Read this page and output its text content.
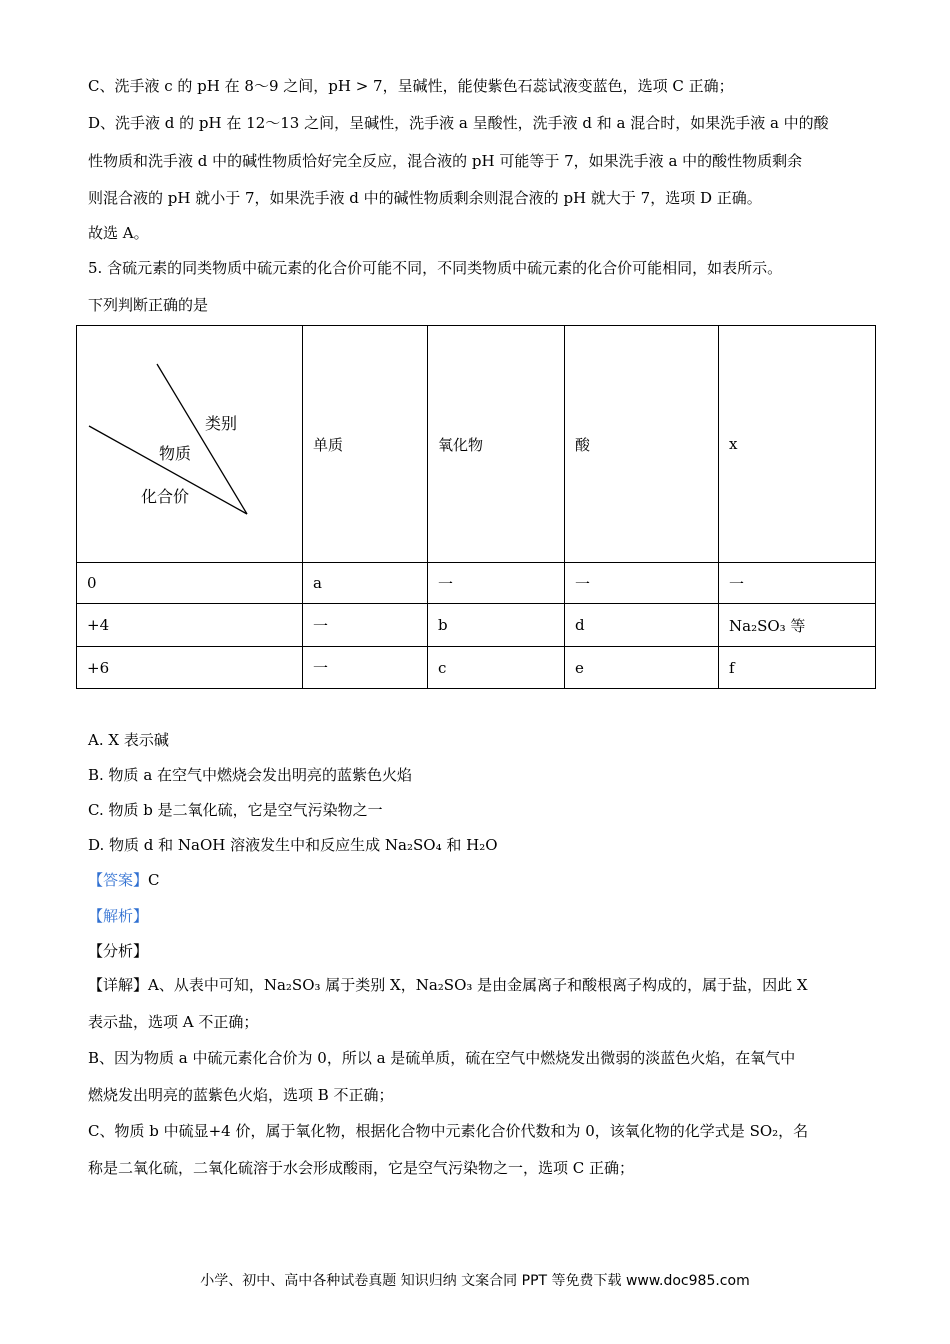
C、洗手液 c 的 pH 在 8～9 之间，pH > 7，呈碱性，能使紫色石蕊试液变蓝色，选项 C 正确；
D、洗手液 d 的 pH 在 12～13 之间，呈碱性，洗手液 a 呈酸性，洗手液 d 和 a 混合时，如果洗手液 a 中的酸
性物质和洗手液 d 中的碱性物质恰好完全反应，混合液的 pH 可能等于 7，如果洗手液 a 中的酸性物质剩余
则混合液的 pH 就小于 7，如果洗手液 d 中的碱性物质剩余则混合液的 pH 就大于 7，选项 D 正确。
故选 A。
5. 含硫元素的同类物质中硫元素的化合价可能不同，不同类物质中硫元素的化合价可能相同，如表所示。
下列判断正确的是
类别
物质
化合价	单质	氧化物	酸	x
0	a	一	一	一
+4	一	b	d	Na₂SO₃ 等
+6	一	c	e	f
A. X 表示碱
B. 物质 a 在空气中燃烧会发出明亮的蓝紫色火焰
C. 物质 b 是二氧化硫，它是空气污染物之一
D. 物质 d 和 NaOH 溶液发生中和反应生成 Na₂SO₄ 和 H₂O
【答案】C
【解析】
【分析】
【详解】A、从表中可知，Na₂SO₃ 属于类别 X，Na₂SO₃ 是由金属离子和酸根离子构成的，属于盐，因此 X
表示盐，选项 A 不正确；
B、因为物质 a 中硫元素化合价为 0，所以 a 是硫单质，硫在空气中燃烧发出微弱的淡蓝色火焰，在氧气中
燃烧发出明亮的蓝紫色火焰，选项 B 不正确；
C、物质 b 中硫显+4 价，属于氧化物，根据化合物中元素化合价代数和为 0，该氧化物的化学式是 SO₂，名
称是二氧化硫，二氧化硫溶于水会形成酸雨，它是空气污染物之一，选项 C 正确；
小学、初中、高中各种试卷真题 知识归纳 文案合同 PPT 等免费下载 www.doc985.com
